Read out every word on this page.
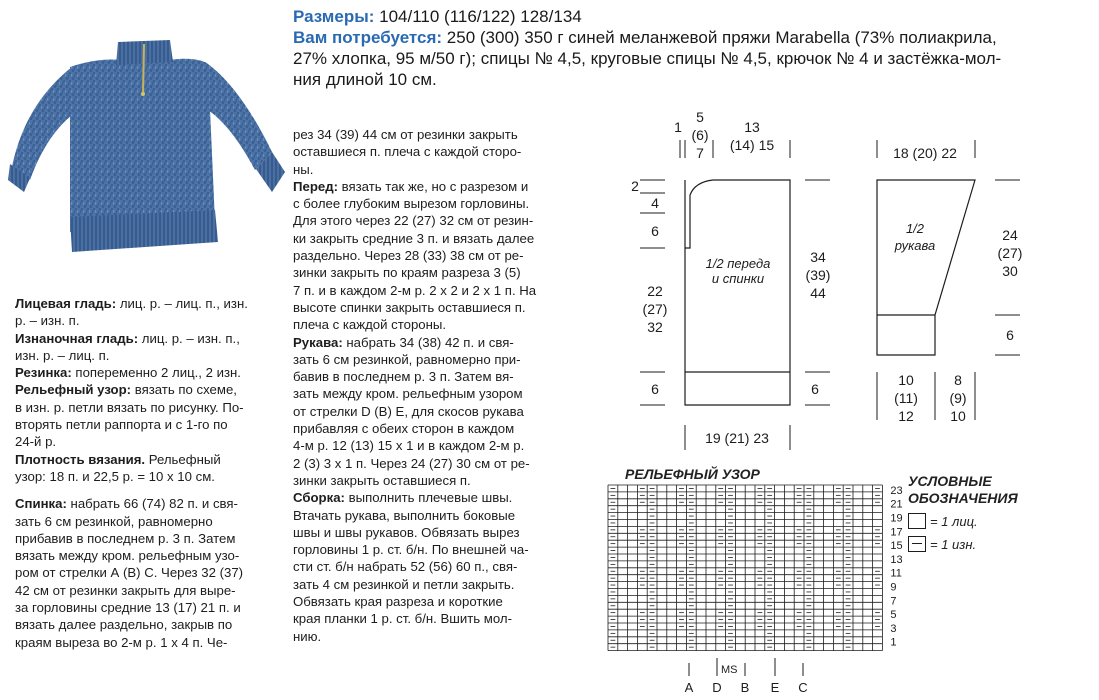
Размеры: 104/110 (116/122) 128/134
Вам потребуется: 250 (300) 350 г синей меланжевой пряжи Marabella (73% полиакрила,
27% хлопка, 95 м/50 г); спицы № 4,5, круговые спицы № 4,5, крючок № 4 и застёжка-мол-
ния длиной 10 см.

Лицевая гладь: лиц. р. – лиц. п., изн.

р. – изн. п.

Изнаночная гладь: лиц. р. – изн. п.,

изн. р. – лиц. п.

Резинка: попеременно 2 лиц., 2 изн.

Рельефный узор: вязать по схеме,

в изн. р. петли вязать по рисунку. По-

вторять петли раппорта и с 1-го по

24-й р.

Плотность вязания. Рельефный

узор: 18 п. и 22,5 р. = 10 х 10 см.

Спинка: набрать 66 (74) 82 п. и свя-

зать 6 см резинкой, равномерно

прибавив в последнем р. 3 п. Затем

вязать между кром. рельефным узо-

ром от стрелки А (В) С. Через 32 (37)

42 см от резинки закрыть для выре-

за горловины средние 13 (17) 21 п. и

вязать далее раздельно, закрыв по

краям выреза во 2-м р. 1 х 4 п. Че-

рез 34 (39) 44 см от резинки закрыть

оставшиеся п. плеча с каждой сторо-

ны.

Перед: вязать так же, но с разрезом и

с более глубоким вырезом горловины.

Для этого через 22 (27) 32 см от резин-

ки закрыть средние 3 п. и вязать далее

раздельно. Через 28 (33) 38 см от ре-

зинки закрыть по краям разреза 3 (5)

7 п. и в каждом 2-м р. 2 х 2 и 2 х 1 п. На

высоте спинки закрыть оставшиеся п.

плеча с каждой стороны.

Рукава: набрать 34 (38) 42 п. и свя-

зать 6 см резинкой, равномерно при-

бавив в последнем р. 3 п. Затем вя-

зать между кром. рельефным узором

от стрелки D (В) Е, для скосов рукава

прибавляя с обеих сторон в каждом

4-м р. 12 (13) 15 х 1 и в каждом 2-м р.

2 (3) 3 х 1 п. Через 24 (27) 30 см от ре-

зинки закрыть оставшиеся п.

Сборка: выполнить плечевые швы.

Втачать рукава, выполнить боковые

швы и швы рукавов. Обвязать вырез

горловины 1 р. ст. б/н. По внешней ча-

сти ст. б/н набрать 52 (56) 60 п., свя-

зать 4 см резинкой и петли закрыть.

Обвязать края разреза и короткие

края планки 1 р. ст. б/н. Вшить мол-

нию.

1
5
(6)
7
13
(14) 15
2
4
6
22
(27)
32
6
34
(39)
44
6
19 (21) 23
18 (20) 22
24
(27)
30
6
10
(11)
12
8
(9)
10
1/2 переда
и спинки
1/2
рукава
РЕЛЬЕФНЫЙ УЗОР
23
21
19
17
15
13
11
9
7
5
3
1
MS
A D B E C
УСЛОВНЫЕ
ОБОЗНАЧЕНИЯ
= 1 лиц.
= 1 изн.
